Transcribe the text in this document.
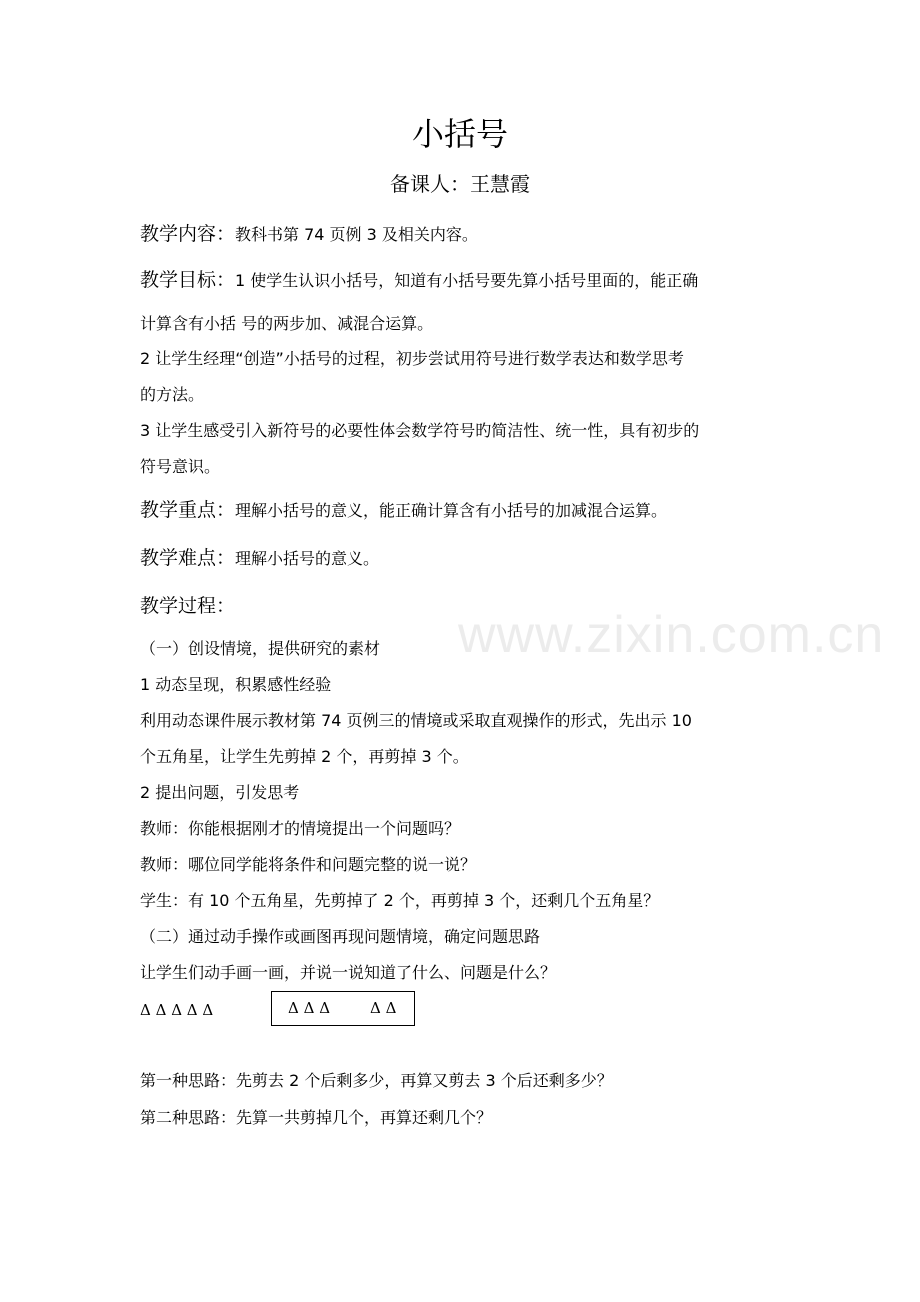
小括号
备课人：王慧霞
教学内容：教科书第 74 页例 3 及相关内容。
教学目标：1 使学生认识小括号，知道有小括号要先算小括号里面的，能正确
计算含有小括 号的两步加、减混合运算。
2 让学生经理“创造”小括号的过程，初步尝试用符号进行数学表达和数学思考
的方法。
3 让学生感受引入新符号的必要性体会数学符号旳简洁性、统一性，具有初步的
符号意识。
教学重点：理解小括号的意义，能正确计算含有小括号的加减混合运算。
教学难点：理解小括号的意义。
教学过程：
（一）创设情境，提供研究的素材
1 动态呈现，积累感性经验
利用动态课件展示教材第 74 页例三的情境或采取直观操作的形式，先出示 10
个五角星，让学生先剪掉 2 个，再剪掉 3 个。
2 提出问题，引发思考
教师：你能根据刚才的情境提出一个问题吗？
教师：哪位同学能将条件和问题完整的说一说？
学生：有 10 个五角星，先剪掉了 2 个，再剪掉 3 个，还剩几个五角星？
（二）通过动手操作或画图再现问题情境，确定问题思路
让学生们动手画一画，并说一说知道了什么、问题是什么？
Δ Δ Δ Δ Δ	Δ Δ Δ	Δ Δ
第一种思路：先剪去 2 个后剩多少，再算又剪去 3 个后还剩多少？
第二种思路：先算一共剪掉几个，再算还剩几个？
www.zixin.com.cn
